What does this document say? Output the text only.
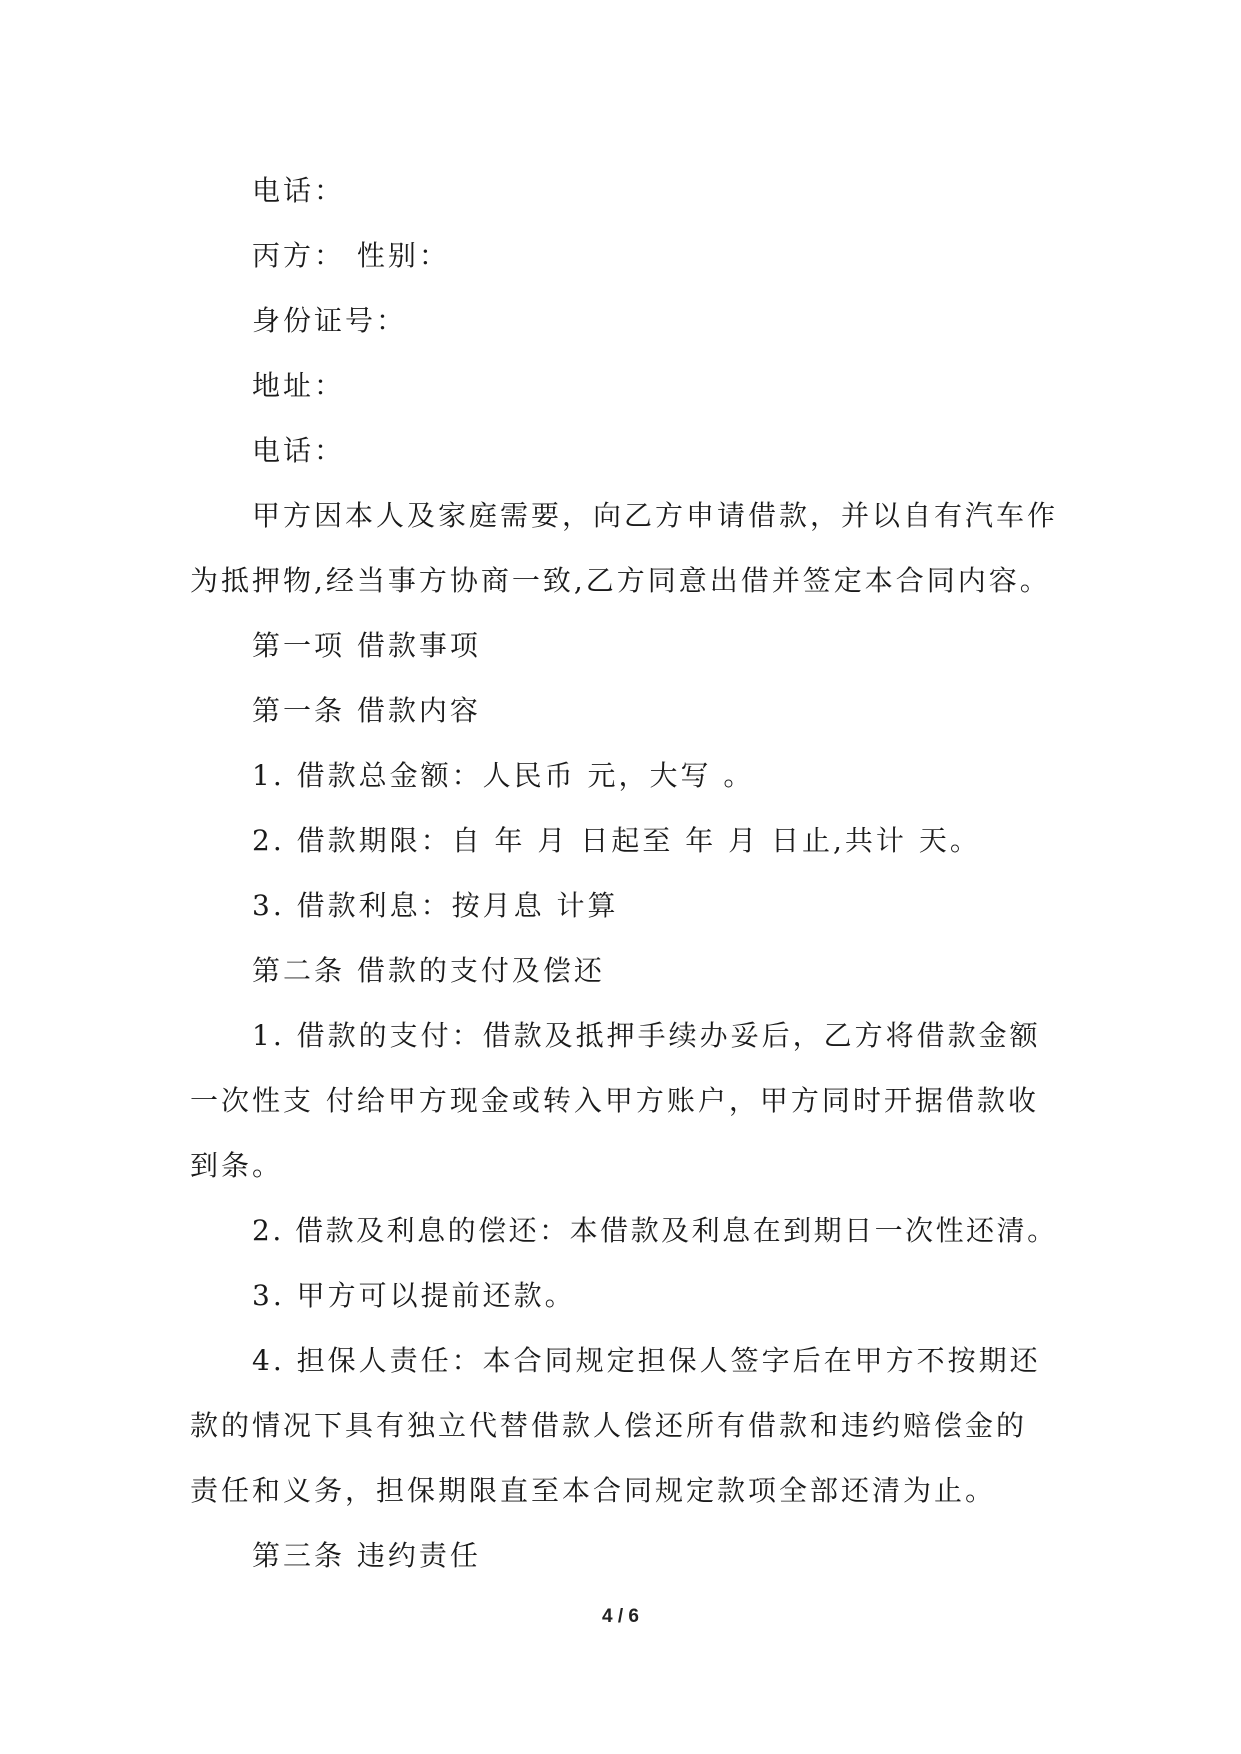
电话：

丙方： 性别：

身份证号：

地址：

电话：

甲方因本人及家庭需要，向乙方申请借款，并以自有汽车作

为抵押物,经当事方协商一致,乙方同意出借并签定本合同内容。

第一项 借款事项

第一条 借款内容

1. 借款总金额：人民币 元，大写 。

2. 借款期限：自 年 月 日起至 年 月 日止,共计 天。

3. 借款利息：按月息 计算

第二条 借款的支付及偿还

1. 借款的支付：借款及抵押手续办妥后，乙方将借款金额

一次性支 付给甲方现金或转入甲方账户，甲方同时开据借款收

到条。

2. 借款及利息的偿还：本借款及利息在到期日一次性还清。

3. 甲方可以提前还款。

4. 担保人责任：本合同规定担保人签字后在甲方不按期还

款的情况下具有独立代替借款人偿还所有借款和违约赔偿金的

责任和义务，担保期限直至本合同规定款项全部还清为止。

第三条 违约责任

4 / 6
